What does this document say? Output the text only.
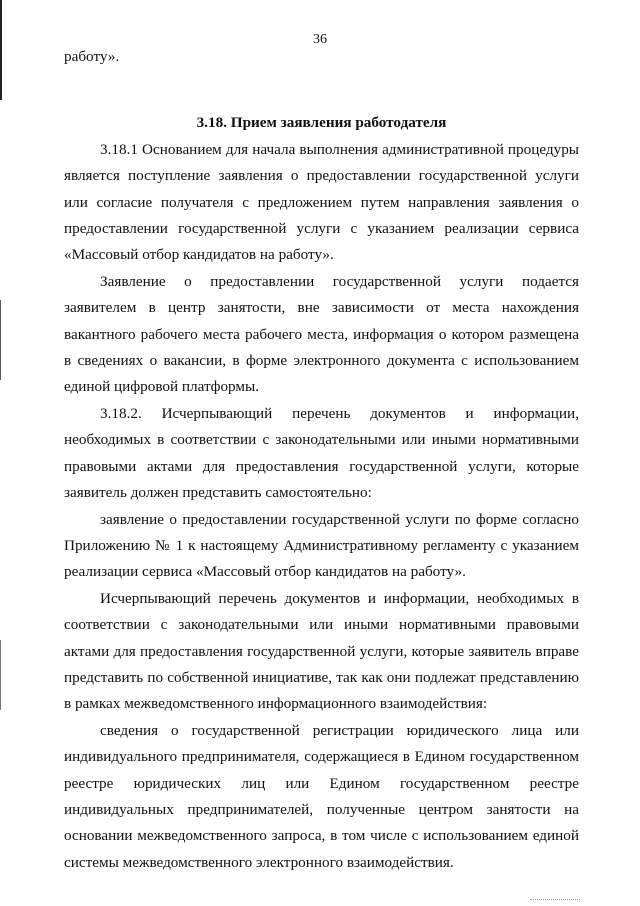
36

работу».

3.18. Прием заявления работодателя

3.18.1 Основанием для начала выполнения административной процедуры является поступление заявления о предоставлении государственной услуги или согласие получателя с предложением путем направления заявления о предоставлении государственной услуги с указанием реализации сервиса «Массовый отбор кандидатов на работу».

Заявление о предоставлении государственной услуги подается заявителем в центр занятости, вне зависимости от места нахождения вакантного рабочего места рабочего места, информация о котором размещена в сведениях о вакансии, в форме электронного документа с использованием единой цифровой платформы.

3.18.2. Исчерпывающий перечень документов и информации, необходимых в соответствии с законодательными или иными нормативными правовыми актами для предоставления государственной услуги, которые заявитель должен представить самостоятельно:

заявление о предоставлении государственной услуги по форме согласно Приложению № 1 к настоящему Административному регламенту с указанием реализации сервиса «Массовый отбор кандидатов на работу».

Исчерпывающий перечень документов и информации, необходимых в соответствии с законодательными или иными нормативными правовыми актами для предоставления государственной услуги, которые заявитель вправе представить по собственной инициативе, так как они подлежат представлению в рамках межведомственного информационного взаимодействия:

сведения о государственной регистрации юридического лица или индивидуального предпринимателя, содержащиеся в Едином государственном реестре юридических лиц или Едином государственном реестре индивидуальных предпринимателей, полученные центром занятости на основании межведомственного запроса, в том числе с использованием единой системы межведомственного электронного взаимодействия.
